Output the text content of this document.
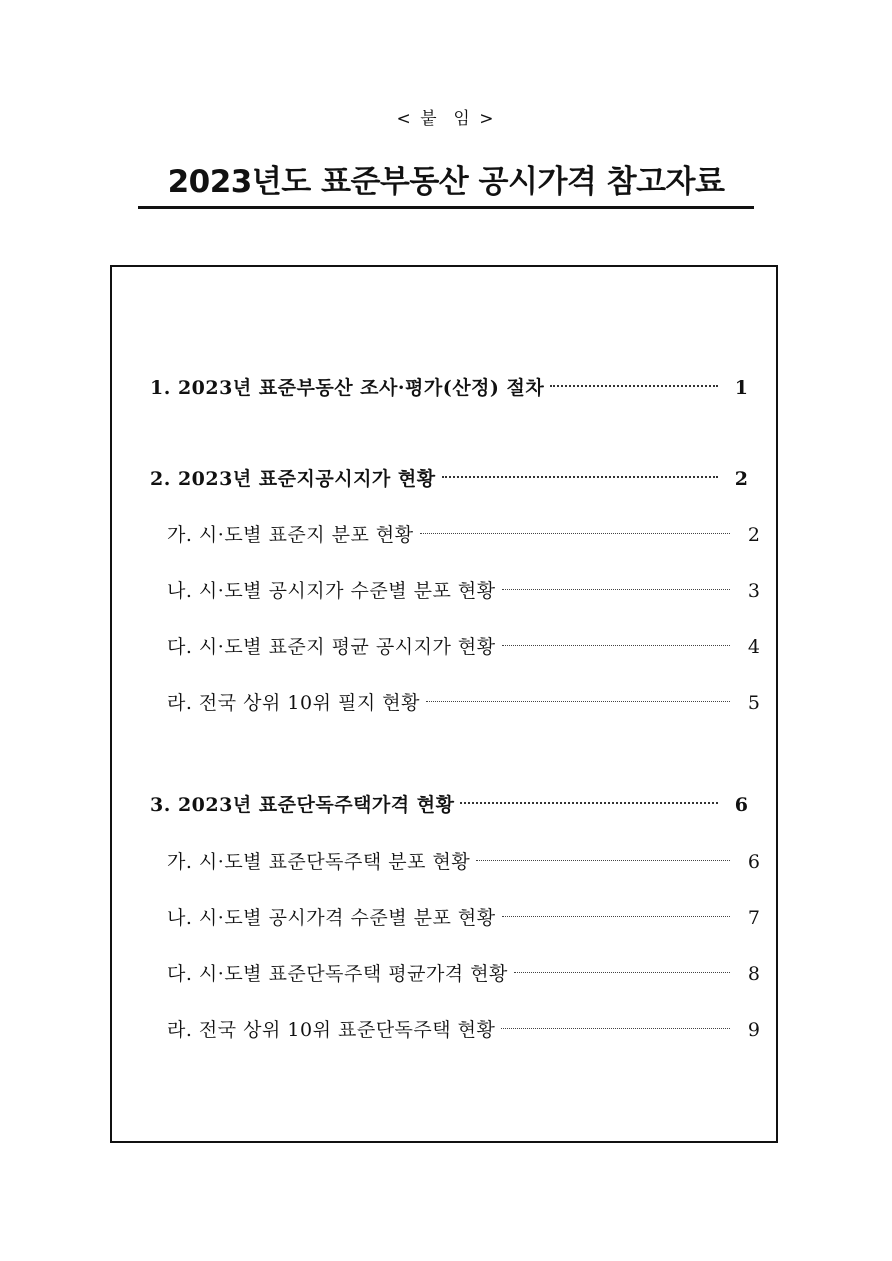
< 붙  임 >
2023년도 표준부동산 공시가격 참고자료
1. 2023년 표준부동산 조사·평가(산정) 절차	1
2. 2023년 표준지공시지가 현황	2
가. 시·도별 표준지 분포 현황	2
나. 시·도별 공시지가 수준별 분포 현황	3
다. 시·도별 표준지 평균 공시지가 현황	4
라. 전국 상위 10위 필지 현황	5
3. 2023년 표준단독주택가격 현황	6
가. 시·도별 표준단독주택 분포 현황	6
나. 시·도별 공시가격 수준별 분포 현황	7
다. 시·도별 표준단독주택 평균가격 현황	8
라. 전국 상위 10위 표준단독주택 현황	9
